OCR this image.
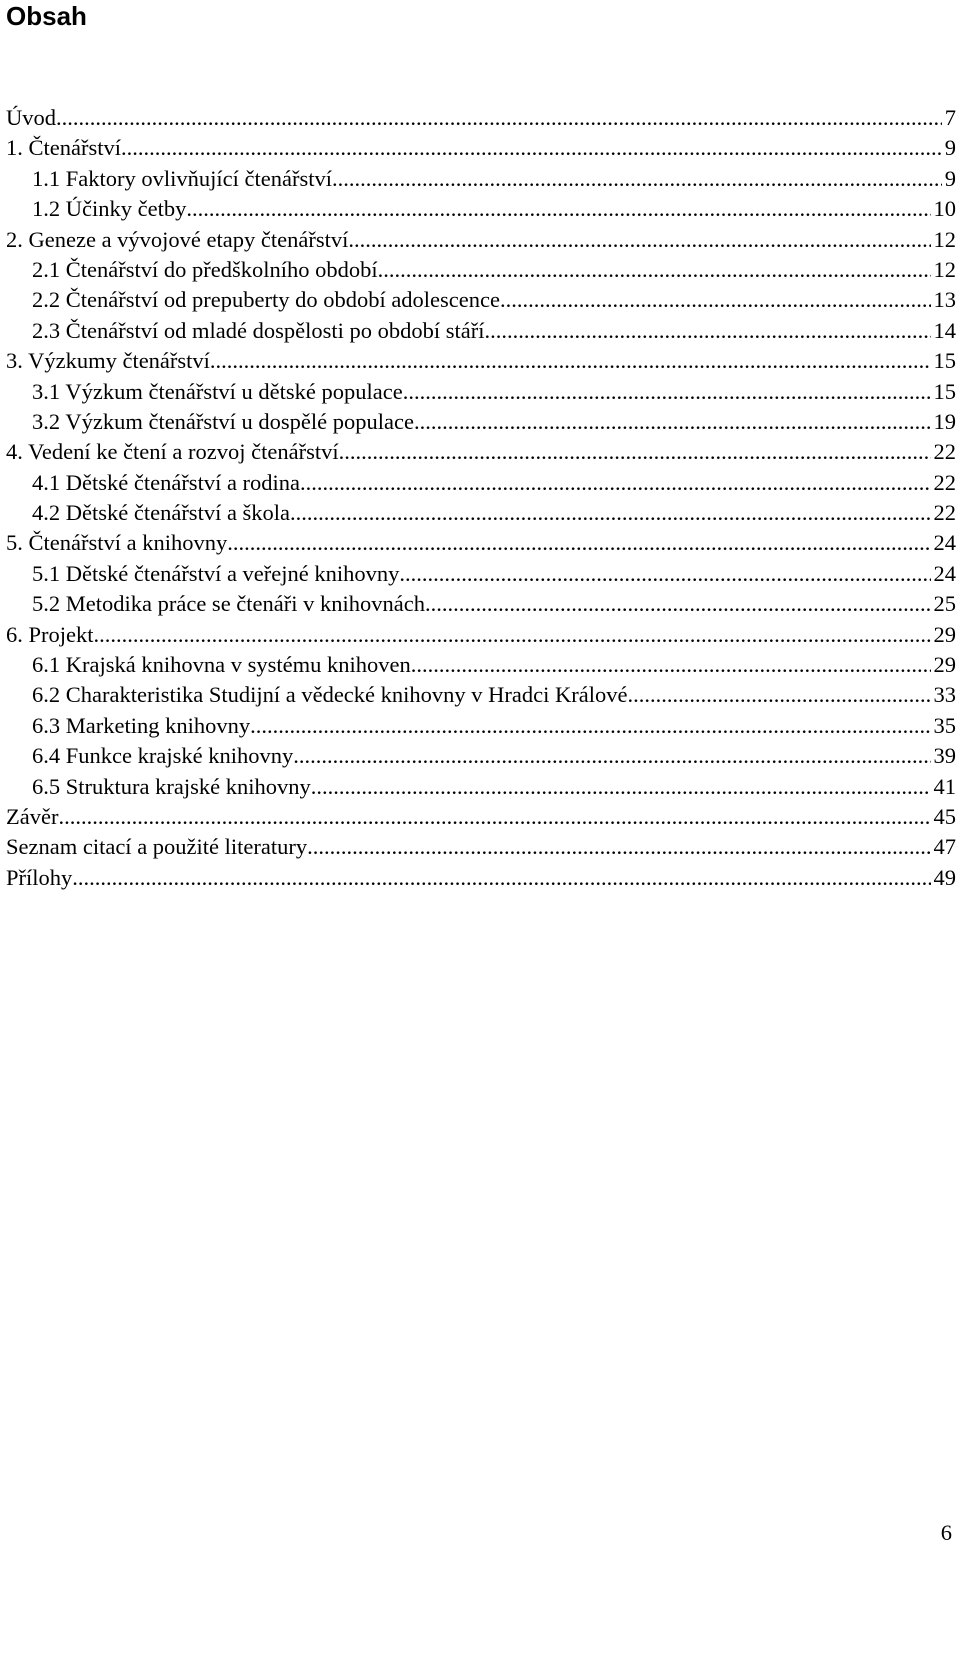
Obsah
Úvod .....	7
1. Čtenářství .....	9
1.1 Faktory ovlivňující čtenářství .....	9
1.2 Účinky četby .....	10
2. Geneze a vývojové etapy čtenářství .....	12
2.1 Čtenářství do předškolního období .....	12
2.2 Čtenářství od prepuberty do období adolescence .....	13
2.3 Čtenářství od mladé dospělosti po období stáří .....	14
3. Výzkumy čtenářství .....	15
3.1 Výzkum čtenářství u dětské populace .....	15
3.2 Výzkum čtenářství u dospělé populace .....	19
4. Vedení ke čtení a rozvoj čtenářství .....	22
4.1 Dětské čtenářství a rodina .....	22
4.2 Dětské čtenářství a škola .....	22
5. Čtenářství a knihovny .....	24
5.1 Dětské čtenářství a veřejné knihovny .....	24
5.2 Metodika práce se čtenáři v knihovnách .....	25
6. Projekt .....	29
6.1 Krajská knihovna v systému knihoven .....	29
6.2 Charakteristika Studijní a vědecké knihovny v Hradci Králové .....	33
6.3 Marketing knihovny .....	35
6.4 Funkce krajské knihovny .....	39
6.5 Struktura krajské knihovny .....	41
Závěr .....	45
Seznam citací a použité literatury .....	47
Přílohy .....	49
6
